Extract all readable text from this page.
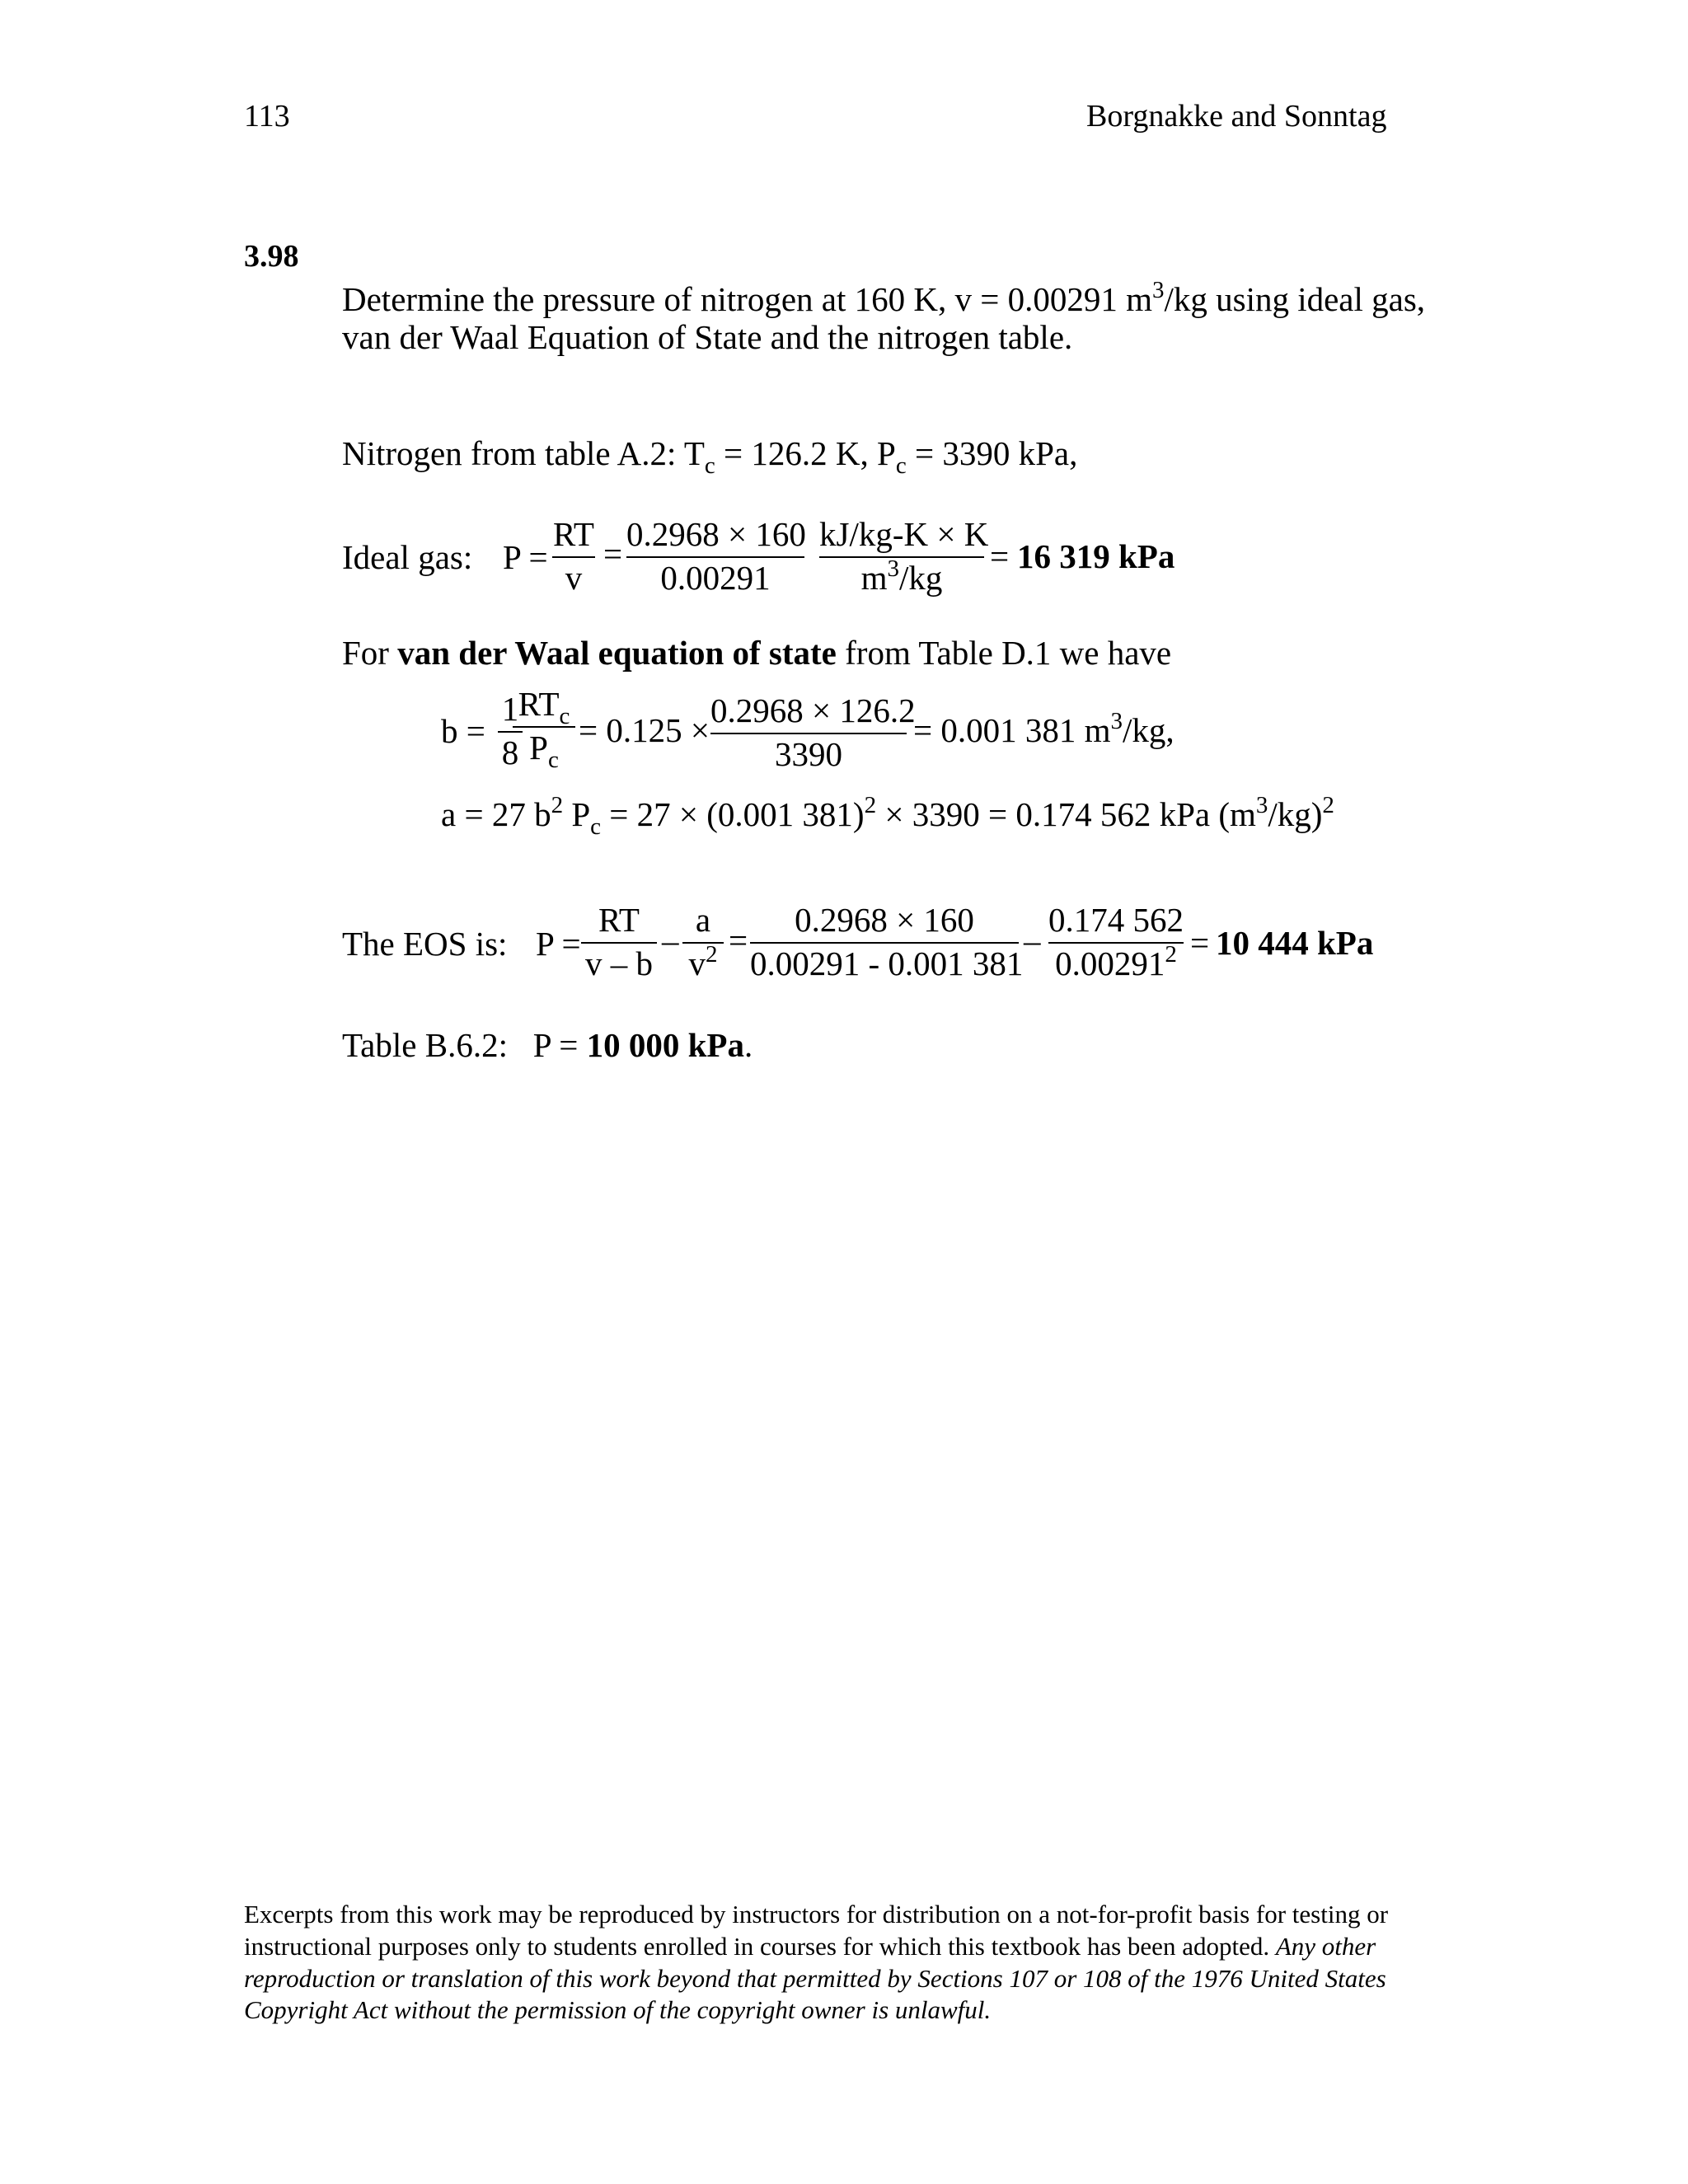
113	Borgnakke and Sonntag
3.98
Determine the pressure of nitrogen at 160 K, v = 0.00291 $m^3/kg$ using ideal gas,
van der Waal Equation of State and the nitrogen table.
Nitrogen from table A.2: $T_c = 126.2$ K, $P_c = 3390$ kPa,
Ideal gas: $P = \frac{RT}{v} = \frac{0.2968 \times 160}{0.00291} \frac{kJ/kg-K \times K}{m^3/kg} = 16$ 319 kPa
For van der Waal equation of state from Table D.1 we have
$b = \frac{1}{8}$
$RT_c$
$P_c$
= $0.125 \times \frac{0.2968 \times 126.2}{3390} = 0.001$ 381 $m^3/kg$,
a = 27 $b^2$ $P_c = 27 \times (0.001$ 381)$^2$ × 3390 = 0.174 562 kPa $(m^3/kg)^2$
The EOS is: $P = \frac{RT}{v - b} - \frac{a}{v^2} = \frac{0.2968 \times 160}{0.00291 - 0.001 381} - \frac{0.174 562}{0.00291^2} = 10$ 444 kPa
Table B.6.2: P = 10 000 kPa.
Excerpts from this work may be reproduced by instructors for distribution on a not-for-profit basis for testing or instructional purposes only to students enrolled in courses for which this textbook has been adopted. Any other reproduction or translation of this work beyond that permitted by Sections 107 or 108 of the 1976 United States Copyright Act without the permission of the copyright owner is unlawful.
